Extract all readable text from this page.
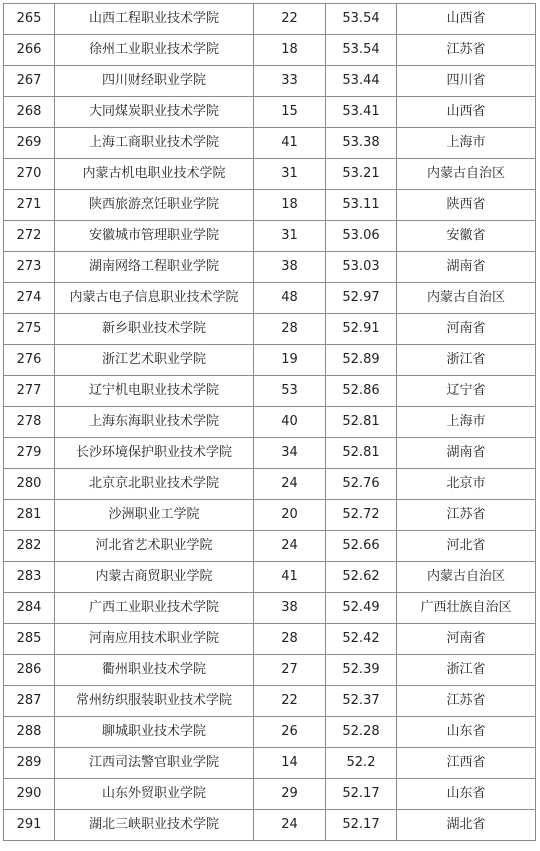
265	山西工程职业技术学院	22	53.54	山西省
266	徐州工业职业技术学院	18	53.54	江苏省
267	四川财经职业学院	33	53.44	四川省
268	大同煤炭职业技术学院	15	53.41	山西省
269	上海工商职业技术学院	41	53.38	上海市
270	内蒙古机电职业技术学院	31	53.21	内蒙古自治区
271	陕西旅游烹饪职业学院	18	53.11	陕西省
272	安徽城市管理职业学院	31	53.06	安徽省
273	湖南网络工程职业学院	38	53.03	湖南省
274	内蒙古电子信息职业技术学院	48	52.97	内蒙古自治区
275	新乡职业技术学院	28	52.91	河南省
276	浙江艺术职业学院	19	52.89	浙江省
277	辽宁机电职业技术学院	53	52.86	辽宁省
278	上海东海职业技术学院	40	52.81	上海市
279	长沙环境保护职业技术学院	34	52.81	湖南省
280	北京京北职业技术学院	24	52.76	北京市
281	沙洲职业工学院	20	52.72	江苏省
282	河北省艺术职业学院	24	52.66	河北省
283	内蒙古商贸职业学院	41	52.62	内蒙古自治区
284	广西工业职业技术学院	38	52.49	广西壮族自治区
285	河南应用技术职业学院	28	52.42	河南省
286	衢州职业技术学院	27	52.39	浙江省
287	常州纺织服装职业技术学院	22	52.37	江苏省
288	聊城职业技术学院	26	52.28	山东省
289	江西司法警官职业学院	14	52.2	江西省
290	山东外贸职业学院	29	52.17	山东省
291	湖北三峡职业技术学院	24	52.17	湖北省
